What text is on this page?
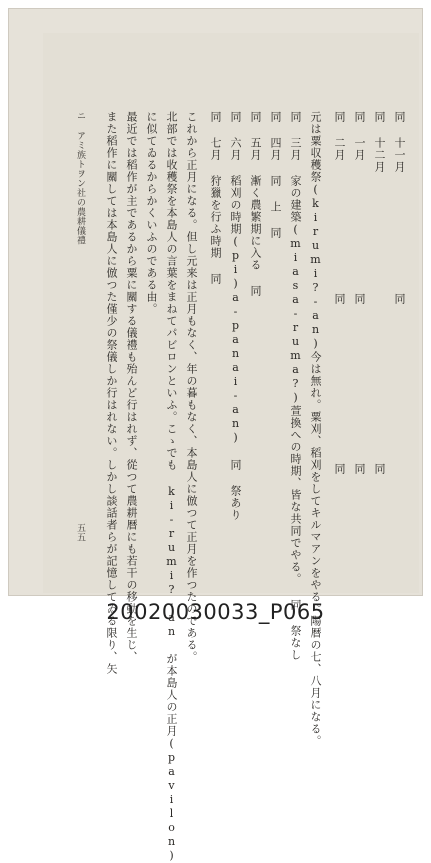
同 十一月
同 十二月
同 一月
同 二月
同
同
同
同
同
同
元は粟収穫祭(kirumi?-an)今は無れ。粟刈、稻刈をしてキルマアンをやる。陽暦の七、八月になる。
同 三月 家の建築(miasa-ruma?)萱換への時期、皆な共同でやる。 同 祭なし
同 四月 同 上 同
同 五月 漸く農繁期に入る 同
同 六月 稻刈の時期(pi)a-panai-an) 同 祭あり
同 七月 狩獵を行ふ時期 同
これから正月になる。但し元来は正月もなく、年の暮もなく、本島人に倣つて正月を作つたのである。
北部では收穫祭を本島人の言葉をまねてパビロンといふ。こゝでも ki-rumi?-an が本島人の正月(pavilon)
に似てゐるからかくいふのである由。
最近では稻作が主であるから粟に關する儀禮も殆んど行はれず、從つて農耕暦にも若干の移動を生じ、
また稻作に關しては本島人に倣つた僅少の祭儀しか行はれない。しかし談話者らが記憶してゐる限り、矢
ニ アミ族トヲン社の農耕儀禮
五五
20020030033_P065
